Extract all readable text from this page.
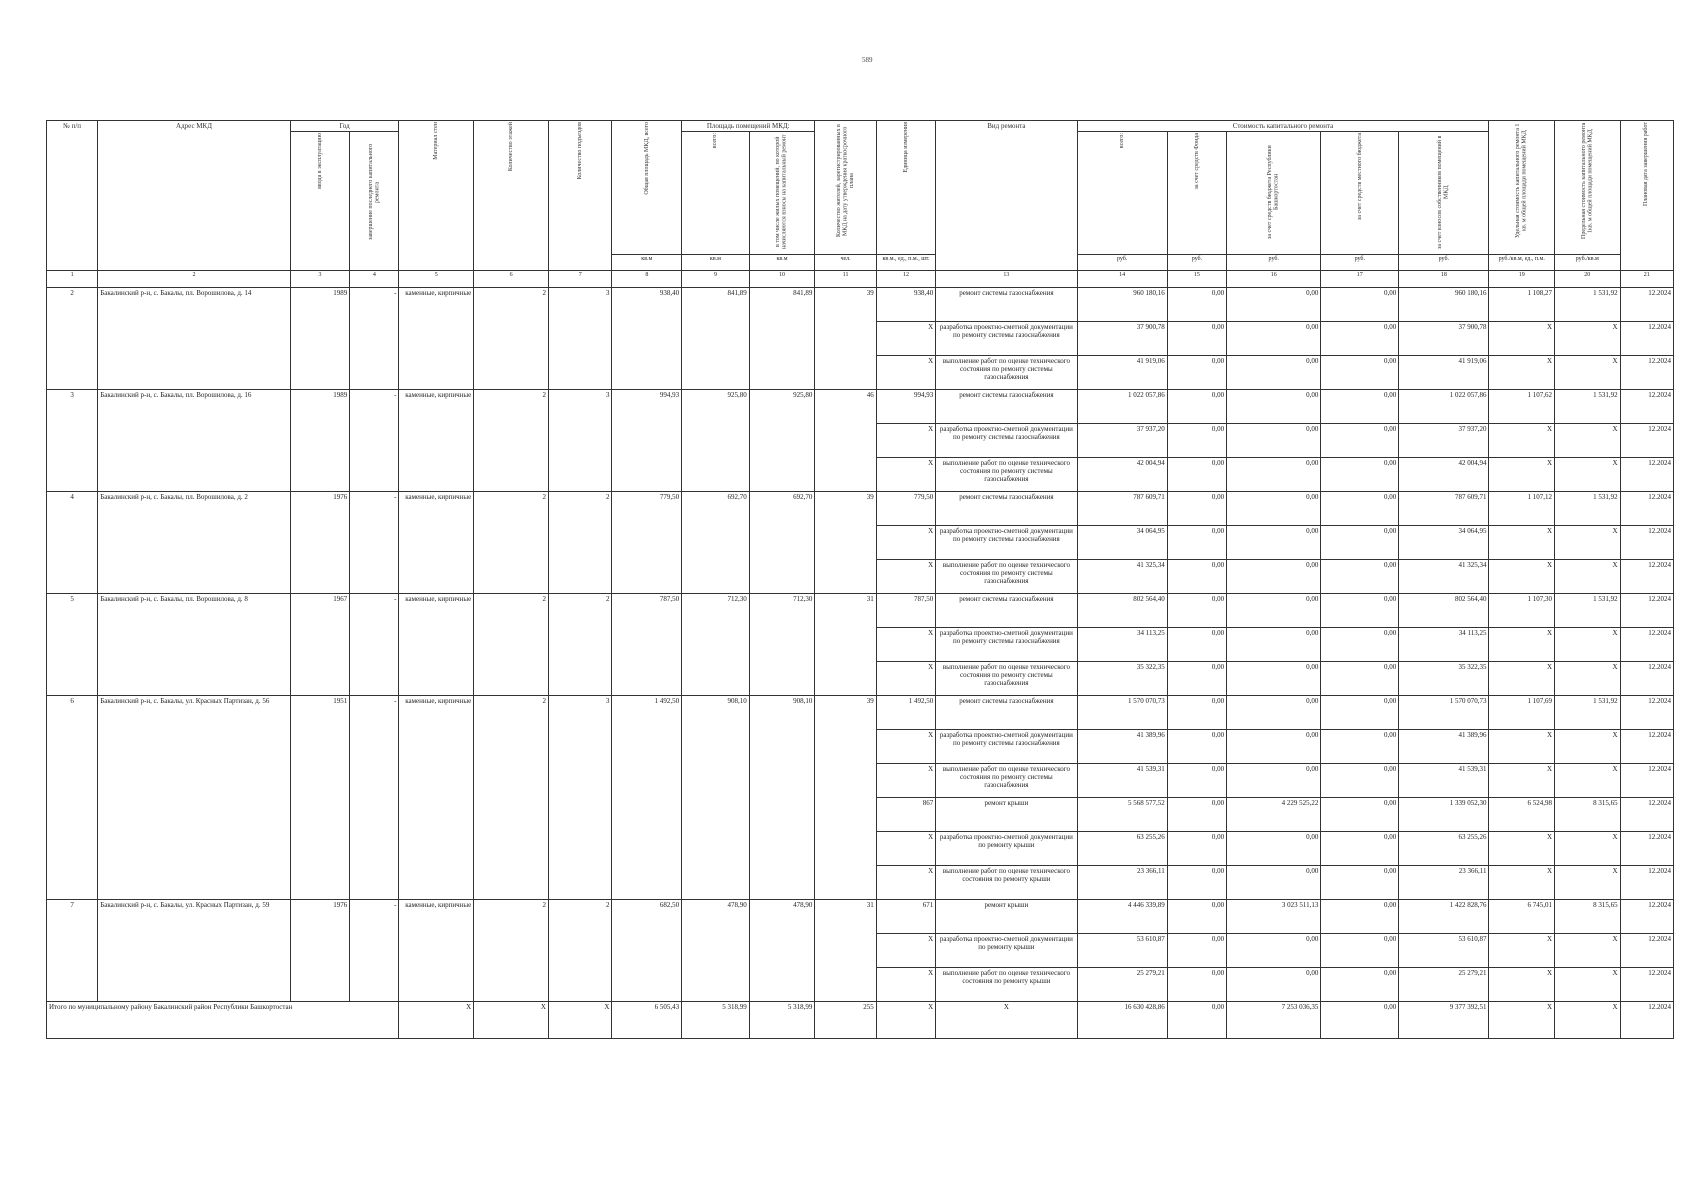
589
№ п/п	Адрес МКД	Год		Материал стен	Количество этажей	Количество подъездов	Общая площадь МКД, всего	Площадь помещений МКД:		Количество жителей, зарегистрированных в МКД на дату утверждения краткосрочного плана	Единица измерения	Вид ремонта	Стоимость капитального ремонта					Удельная стоимость капитального ремонта 1 кв. м общей площади помещений МКД	Предельная стоимость капитального ремонта 1кв. м общей площади помещений МКД	Плановая дата завершения работ
		ввода в эксплуатацию	завершение последнего капитального ремонта					всего:	в том числе жилых помещений, по которой начисляются взносы на капитальный ремонт				всего:	за счет средств Фонда	за счет средств бюджета Республики Башкортостан	за счет средств местного бюджета	за счет взносов собственников помещений в МКД			
							кв.м	кв.м	кв.м	чел.	кв.м., ед., п.м., шт.		руб.	руб.	руб.	руб.	руб.	руб./кв.м, ед., п.м.	руб./кв.м	
1	2	3	4	5	6	7	8	9	10	11	12	13	14	15	16	17	18	19	20	21
2	Бакалинский р-н, с. Бакалы, пл. Ворошилова, д. 14	1989	-	каменные, кирпичные	2	3	938,40	841,89	841,89	39	938,40	ремонт системы газоснабжения	960 180,16	0,00	0,00	0,00	960 180,16	1 108,27	1 531,92	12.2024
											X	разработка проектно-сметной документации по ремонту системы газоснабжения	37 900,78	0,00	0,00	0,00	37 900,78	X	X	12.2024
											X	выполнение работ по оценке технического состояния по ремонту системы газоснабжения	41 919,06	0,00	0,00	0,00	41 919,06	X	X	12.2024
3	Бакалинский р-н, с. Бакалы, пл. Ворошилова, д. 16	1989	-	каменные, кирпичные	2	3	994,93	925,80	925,80	46	994,93	ремонт системы газоснабжения	1 022 057,86	0,00	0,00	0,00	1 022 057,86	1 107,62	1 531,92	12.2024
											X	разработка проектно-сметной документации по ремонту системы газоснабжения	37 937,20	0,00	0,00	0,00	37 937,20	X	X	12.2024
											X	выполнение работ по оценке технического состояния по ремонту системы газоснабжения	42 004,94	0,00	0,00	0,00	42 004,94	X	X	12.2024
4	Бакалинский р-н, с. Бакалы, пл. Ворошилова, д. 2	1976	-	каменные, кирпичные	2	2	779,50	692,70	692,70	39	779,50	ремонт системы газоснабжения	787 609,71	0,00	0,00	0,00	787 609,71	1 107,12	1 531,92	12.2024
											X	разработка проектно-сметной документации по ремонту системы газоснабжения	34 064,95	0,00	0,00	0,00	34 064,95	X	X	12.2024
											X	выполнение работ по оценке технического состояния по ремонту системы газоснабжения	41 325,34	0,00	0,00	0,00	41 325,34	X	X	12.2024
5	Бакалинский р-н, с. Бакалы, пл. Ворошилова, д. 8	1967	-	каменные, кирпичные	2	2	787,50	712,30	712,30	31	787,50	ремонт системы газоснабжения	802 564,40	0,00	0,00	0,00	802 564,40	1 107,30	1 531,92	12.2024
											X	разработка проектно-сметной документации по ремонту системы газоснабжения	34 113,25	0,00	0,00	0,00	34 113,25	X	X	12.2024
											X	выполнение работ по оценке технического состояния по ремонту системы газоснабжения	35 322,35	0,00	0,00	0,00	35 322,35	X	X	12.2024
6	Бакалинский р-н, с. Бакалы, ул. Красных Партизан, д. 56	1951	-	каменные, кирпичные	2	3	1 492,50	908,10	908,10	39	1 492,50	ремонт системы газоснабжения	1 570 070,73	0,00	0,00	0,00	1 570 070,73	1 107,69	1 531,92	12.2024
											X	разработка проектно-сметной документации по ремонту системы газоснабжения	41 389,96	0,00	0,00	0,00	41 389,96	X	X	12.2024
											X	выполнение работ по оценке технического состояния по ремонту системы газоснабжения	41 539,31	0,00	0,00	0,00	41 539,31	X	X	12.2024
											867	ремонт крыши	5 568 577,52	0,00	4 229 525,22	0,00	1 339 052,30	6 524,98	8 315,65	12.2024
											X	разработка проектно-сметной документации по ремонту крыши	63 255,26	0,00	0,00	0,00	63 255,26	X	X	12.2024
											X	выполнение работ по оценке технического состояния по ремонту крыши	23 366,11	0,00	0,00	0,00	23 366,11	X	X	12.2024
7	Бакалинский р-н, с. Бакалы, ул. Красных Партизан, д. 59	1976	-	каменные, кирпичные	2	2	682,50	478,90	478,90	31	671	ремонт крыши	4 446 339,89	0,00	3 023 511,13	0,00	1 422 828,76	6 745,01	8 315,65	12.2024
											X	разработка проектно-сметной документации по ремонту крыши	53 610,87	0,00	0,00	0,00	53 610,87	X	X	12.2024
											X	выполнение работ по оценке технического состояния по ремонту крыши	25 279,21	0,00	0,00	0,00	25 279,21	X	X	12.2024
Итого по муниципальному району Бакалинский район Республики Башкортостан				X	X	X	6 505,43	5 318,99	5 318,99	255	X	X	16 630 428,86	0,00	7 253 036,35	0,00	9 377 392,51	X	X	12.2024
